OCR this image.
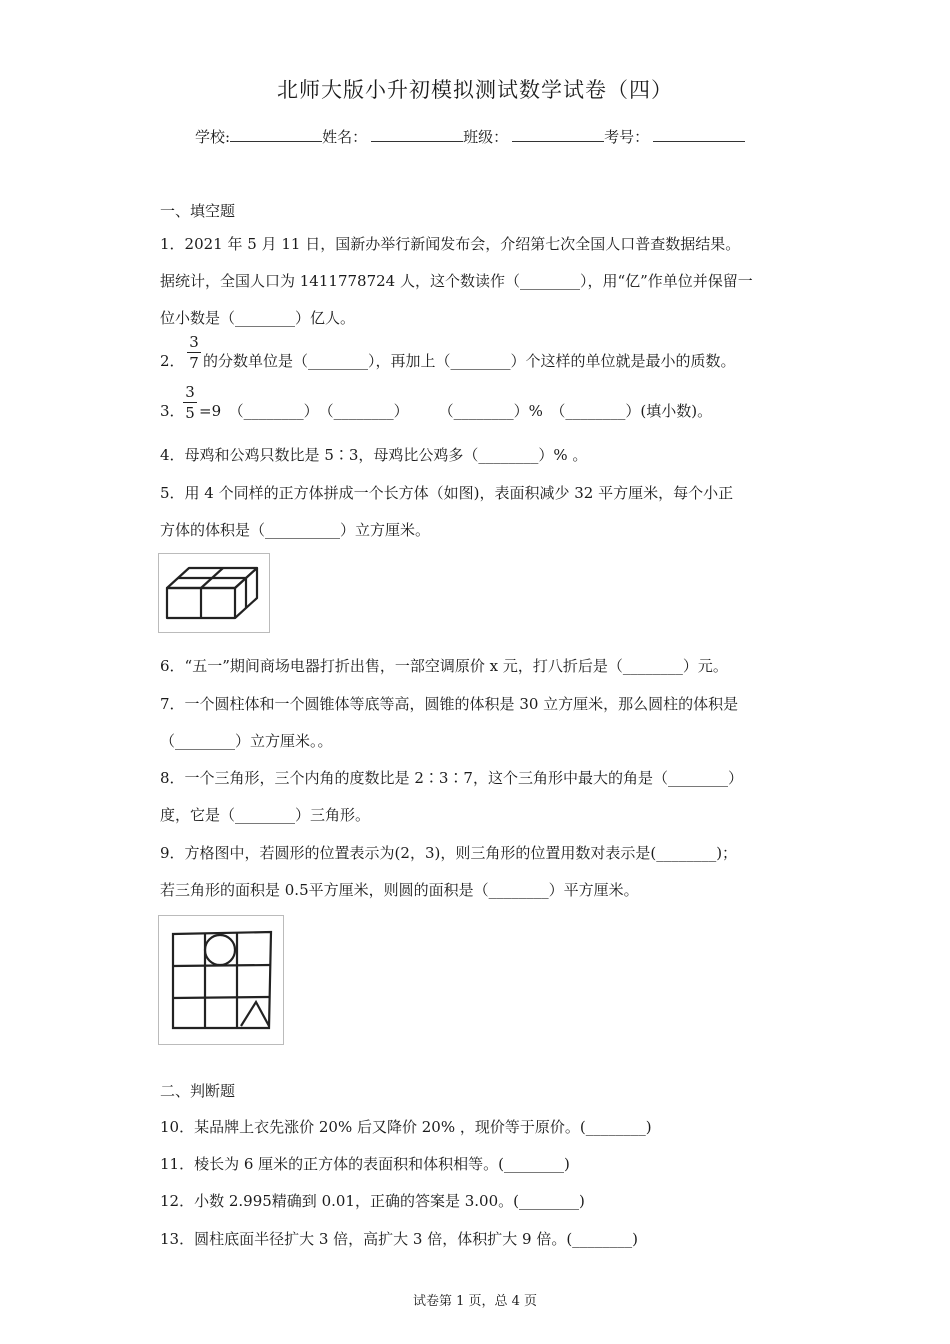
北师大版小升初模拟测试数学试卷（四）
学校:	姓名：	班级：	考号：
一、填空题
1．2021 年 5 月 11 日，国新办举行新闻发布会，介绍第七次全国人口普查数据结果。
据统计，全国人口为 1411778724 人，这个数读作（________），用“亿”作单位并保留一
位小数是（________）亿人。
2．
3
7 的分数单位是（________），再加上（________）个这样的单位就是最小的质数。
3．
3
5 =9　（________）　（________）　　　（________）%　（________）(填小数)。
4．母鸡和公鸡只数比是 5∶3，母鸡比公鸡多（________）% 。
5．用 4 个同样的正方体拼成一个长方体（如图)，表面积减少 32 平方厘米，每个小正
方体的体积是（__________）立方厘米。
6．“五一”期间商场电器打折出售，一部空调原价 x 元，打八折后是（________）元。
7．一个圆柱体和一个圆锥体等底等高，圆锥的体积是 30 立方厘米，那么圆柱的体积是
（________）立方厘米。。
8．一个三角形，三个内角的度数比是 2∶3∶7，这个三角形中最大的角是（________）
度，它是（________）三角形。
9．方格图中，若圆形的位置表示为(2，3)，则三角形的位置用数对表示是(________)；
若三角形的面积是 0.5平方厘米，则圆的面积是（________）平方厘米。
二、判断题
10．某品牌上衣先涨价 20% 后又降价 20% ，现价等于原价。(________)
11．棱长为 6 厘米的正方体的表面积和体积相等。(________)
12．小数 2.995精确到 0.01，正确的答案是 3.00。(________)
13．圆柱底面半径扩大 3 倍，高扩大 3 倍，体积扩大 9 倍。(________)
试卷第 1 页，总 4 页
